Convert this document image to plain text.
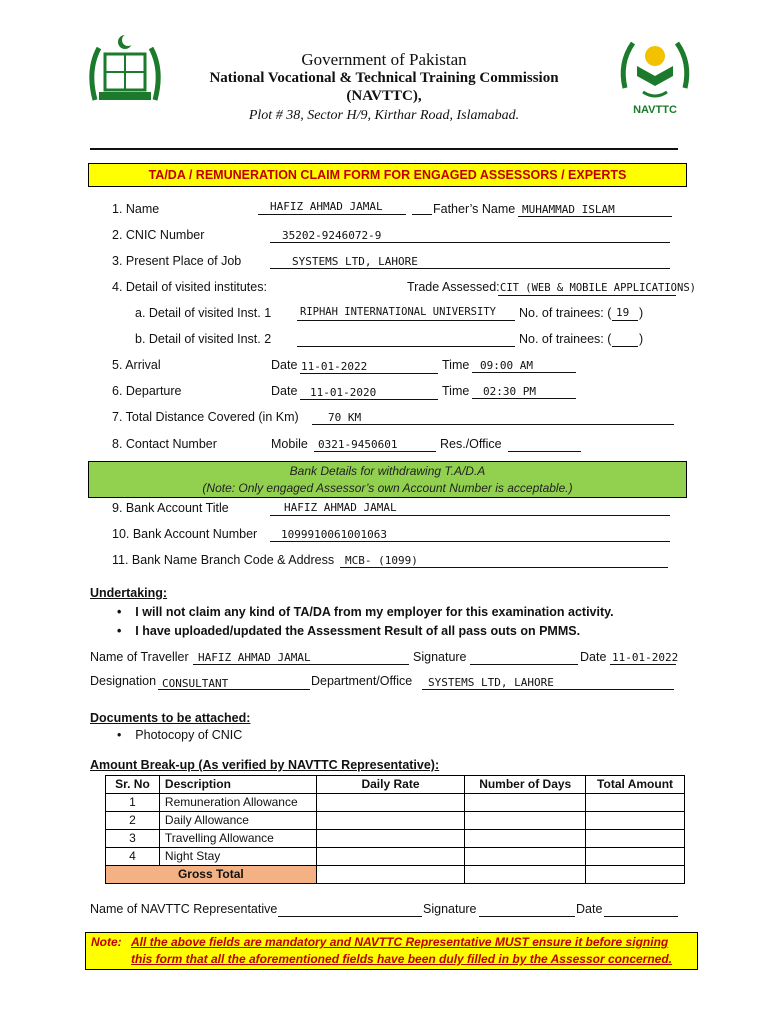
NAVTTC
Government of Pakistan
National Vocational & Technical Training Commission
(NAVTTC),
Plot # 38, Sector H/9, Kirthar Road, Islamabad.
TA/DA / REMUNERATION CLAIM FORM FOR ENGAGED ASSESSORS / EXPERTS
1. Name	HAFIZ AHMAD JAMAL	Father’s Name MUHAMMAD ISLAM
2. CNIC Number	35202-9246072-9
3. Present Place of Job	SYSTEMS LTD, LAHORE
4. Detail of visited institutes:	Trade Assessed: CIT (WEB & MOBILE APPLICATIONS)
a. Detail of visited Inst. 1	RIPHAH INTERNATIONAL UNIVERSITY No. of trainees: ( 19 )
b. Detail of visited Inst. 2	No. of trainees: ( )
5. Arrival	Date 11-01-2022	Time 09:00 AM
6. Departure	Date 11-01-2020	Time 02:30 PM
7. Total Distance Covered (in Km)	70 KM
8. Contact Number	Mobile 0321-9450601	Res./Office
Bank Details for withdrawing T.A/D.A
(Note: Only engaged Assessor’s own Account Number is acceptable.)
9. Bank Account Title	HAFIZ AHMAD JAMAL
10. Bank Account Number 1099910061001063
11. Bank Name Branch Code & Address MCB- (1099)
Undertaking:
• I will not claim any kind of TA/DA from my employer for this examination activity.
• I have uploaded/updated the Assessment Result of all pass outs on PMMS.
Name of Traveller HAFIZ AHMAD JAMAL	Signature	Date 11-01-2022
Designation CONSULTANT	Department/Office SYSTEMS LTD, LAHORE
Documents to be attached:
• Photocopy of CNIC
Amount Break-up (As verified by NAVTTC Representative):
Sr. No	Description	Daily Rate	Number of Days	Total Amount
1	Remuneration Allowance			
2	Daily Allowance			
3	Travelling Allowance			
4	Night Stay			
Gross Total				
Name of NAVTTC Representative	Signature	Date
Note: All the above fields are mandatory and NAVTTC Representative MUST ensure it before signing
this form that all the aforementioned fields have been duly filled in by the Assessor concerned.
